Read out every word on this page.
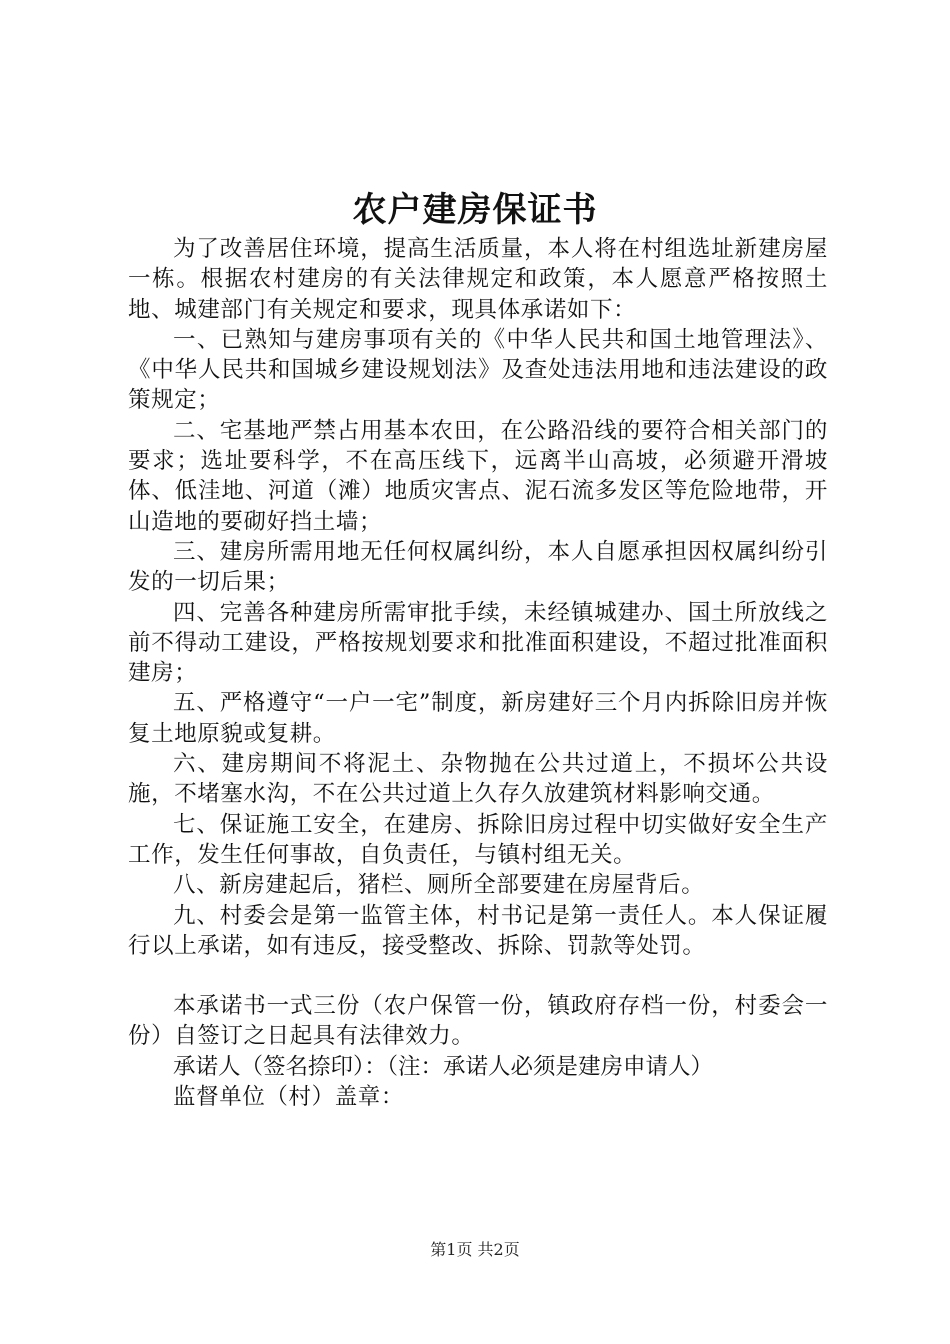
农户建房保证书

为了改善居住环境，提高生活质量，本人将在村组选址新建房屋一栋。根据农村建房的有关法律规定和政策，本人愿意严格按照土地、城建部门有关规定和要求，现具体承诺如下：

一、已熟知与建房事项有关的《中华人民共和国土地管理法》、《中华人民共和国城乡建设规划法》及查处违法用地和违法建设的政策规定；

二、宅基地严禁占用基本农田，在公路沿线的要符合相关部门的要求；选址要科学，不在高压线下，远离半山高坡，必须避开滑坡体、低洼地、河道（滩）地质灾害点、泥石流多发区等危险地带，开山造地的要砌好挡土墙；

三、建房所需用地无任何权属纠纷，本人自愿承担因权属纠纷引发的一切后果；

四、完善各种建房所需审批手续，未经镇城建办、国土所放线之前不得动工建设，严格按规划要求和批准面积建设，不超过批准面积建房；

五、严格遵守“一户一宅”制度，新房建好三个月内拆除旧房并恢复土地原貌或复耕。

六、建房期间不将泥土、杂物抛在公共过道上，不损坏公共设施，不堵塞水沟，不在公共过道上久存久放建筑材料影响交通。

七、保证施工安全，在建房、拆除旧房过程中切实做好安全生产工作，发生任何事故，自负责任，与镇村组无关。

八、新房建起后，猪栏、厕所全部要建在房屋背后。

九、村委会是第一监管主体，村书记是第一责任人。本人保证履行以上承诺，如有违反，接受整改、拆除、罚款等处罚。

本承诺书一式三份（农户保管一份，镇政府存档一份，村委会一份）自签订之日起具有法律效力。

承诺人（签名捺印）：（注：承诺人必须是建房申请人）

监督单位（村）盖章：

第1页 共2页
